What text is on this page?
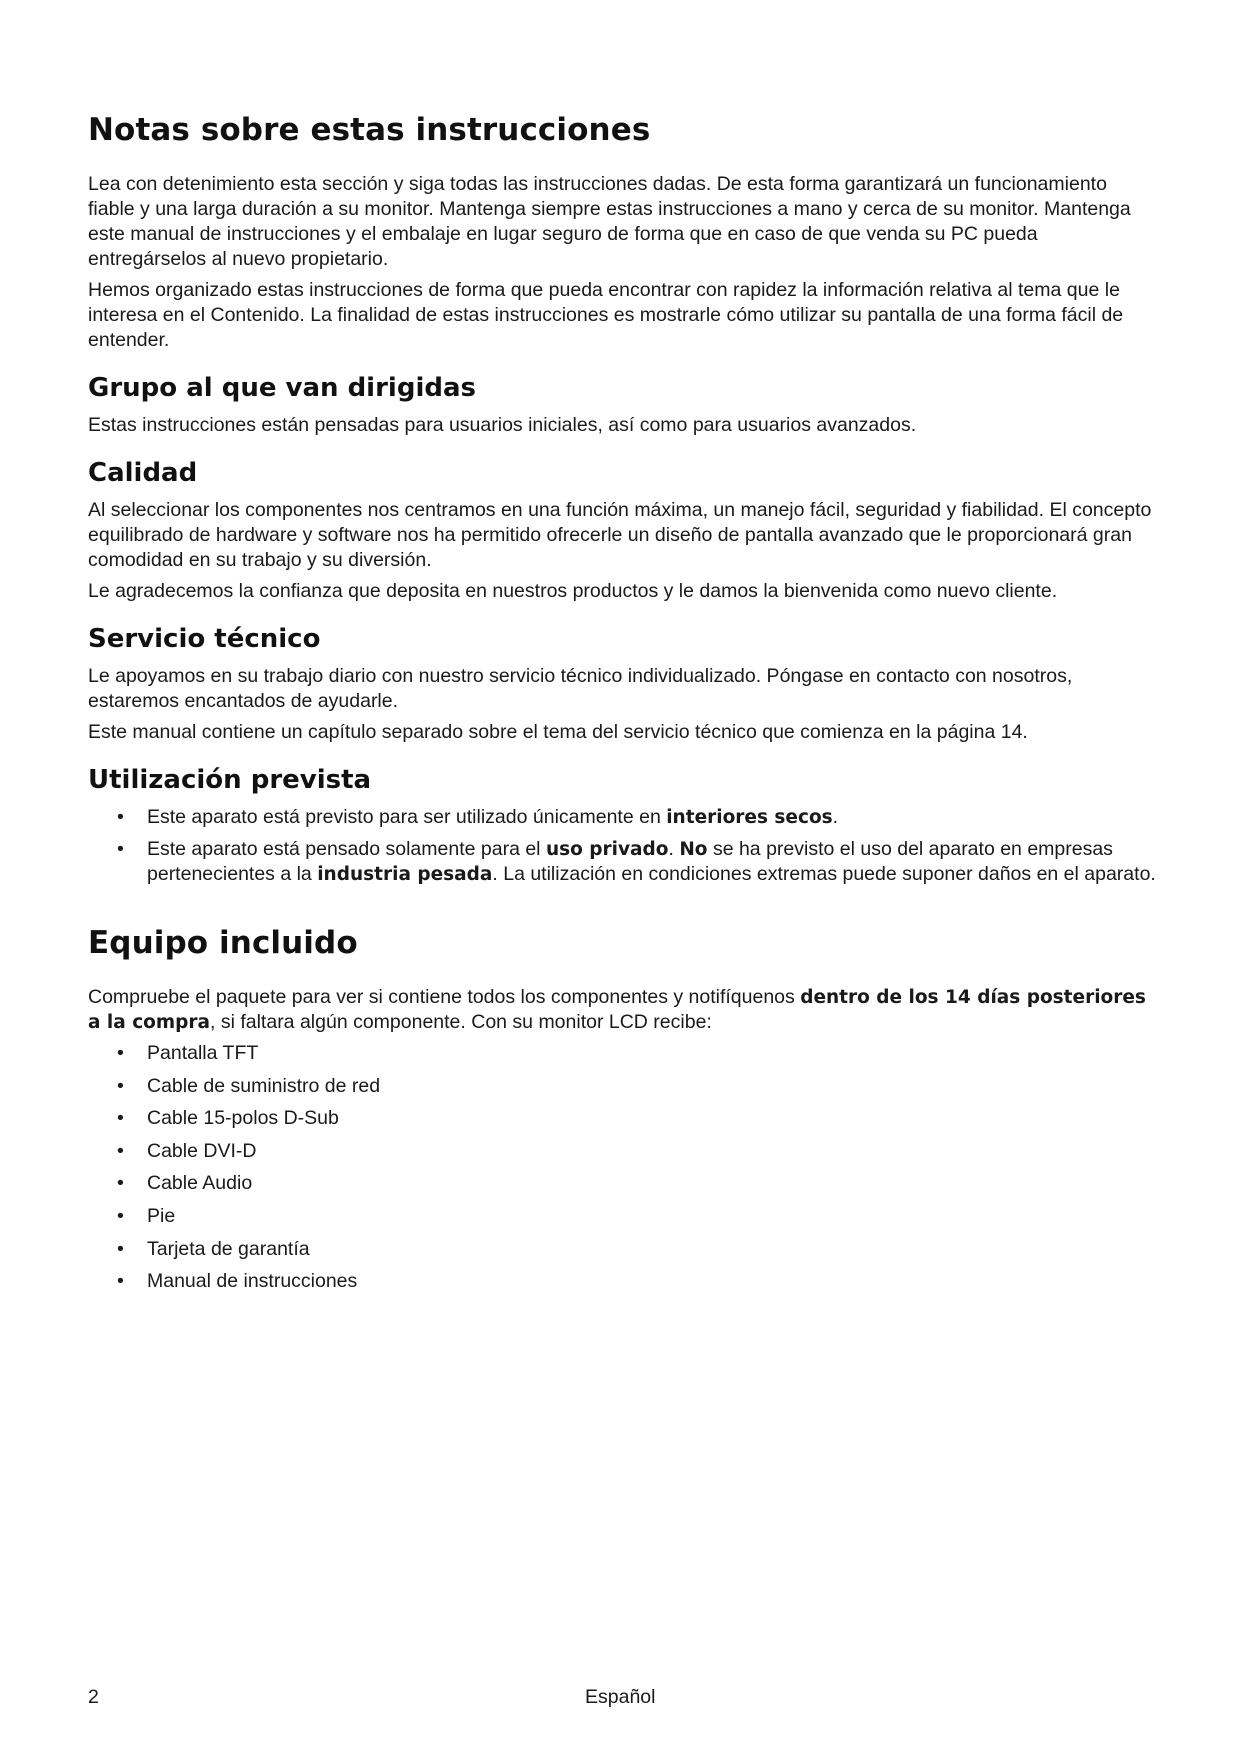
Notas sobre estas instrucciones

Lea con detenimiento esta sección y siga todas las instrucciones dadas. De esta forma garantizará un funcionamiento fiable y una larga duración a su monitor. Mantenga siempre estas instrucciones a mano y cerca de su monitor. Mantenga este manual de instrucciones y el embalaje en lugar seguro de forma que en caso de que venda su PC pueda entregárselos al nuevo propietario.

Hemos organizado estas instrucciones de forma que pueda encontrar con rapidez la información relativa al tema que le interesa en el Contenido. La finalidad de estas instrucciones es mostrarle cómo utilizar su pantalla de una forma fácil de entender.

Grupo al que van dirigidas

Estas instrucciones están pensadas para usuarios iniciales, así como para usuarios avanzados.

Calidad

Al seleccionar los componentes nos centramos en una función máxima, un manejo fácil, seguridad y fiabilidad. El concepto equilibrado de hardware y software nos ha permitido ofrecerle un diseño de pantalla avanzado que le proporcionará gran comodidad en su trabajo y su diversión.

Le agradecemos la confianza que deposita en nuestros productos y le damos la bienvenida como nuevo cliente.

Servicio técnico

Le apoyamos en su trabajo diario con nuestro servicio técnico individualizado. Póngase en contacto con nosotros, estaremos encantados de ayudarle.

Este manual contiene un capítulo separado sobre el tema del servicio técnico que comienza en la página 14.

Utilización prevista
• Este aparato está previsto para ser utilizado únicamente en interiores secos.
• Este aparato está pensado solamente para el uso privado. No se ha previsto el uso del aparato en empresas pertenecientes a la industria pesada. La utilización en condiciones extremas puede suponer daños en el aparato.
Equipo incluido

Compruebe el paquete para ver si contiene todos los componentes y notifíquenos dentro de los 14 días posteriores a la compra, si faltara algún componente. Con su monitor LCD recibe:

• Pantalla TFT
• Cable de suministro de red
• Cable 15-polos D-Sub
• Cable DVI-D
• Cable Audio
• Pie
• Tarjeta de garantía
• Manual de instrucciones
2	Español
